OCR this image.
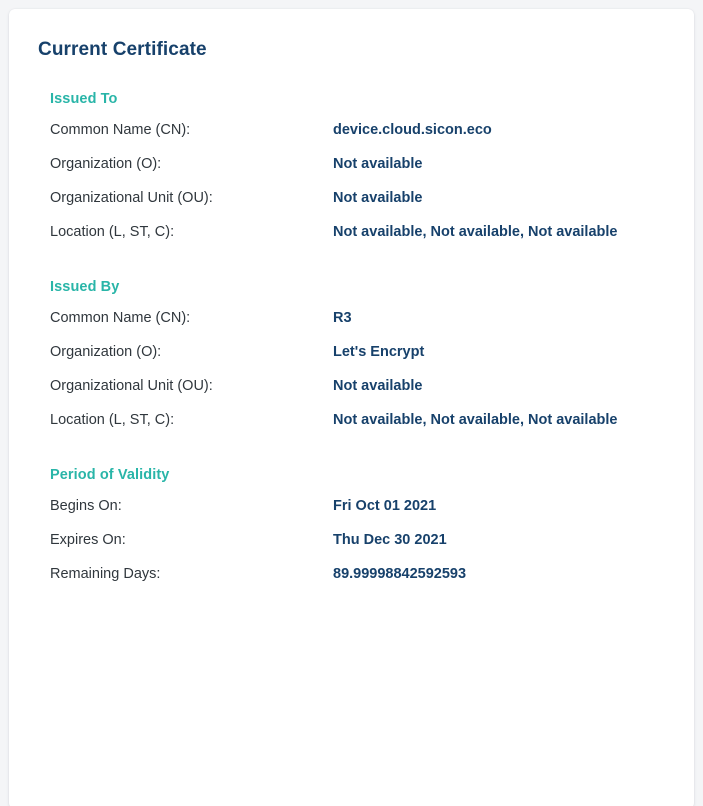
Current Certificate
Issued To
Common Name (CN):	device.cloud.sicon.eco
Organization (O):	Not available
Organizational Unit (OU):	Not available
Location (L, ST, C):	Not available, Not available, Not available
Issued By
Common Name (CN):	R3
Organization (O):	Let's Encrypt
Organizational Unit (OU):	Not available
Location (L, ST, C):	Not available, Not available, Not available
Period of Validity
Begins On:	Fri Oct 01 2021
Expires On:	Thu Dec 30 2021
Remaining Days:	89.99998842592593
